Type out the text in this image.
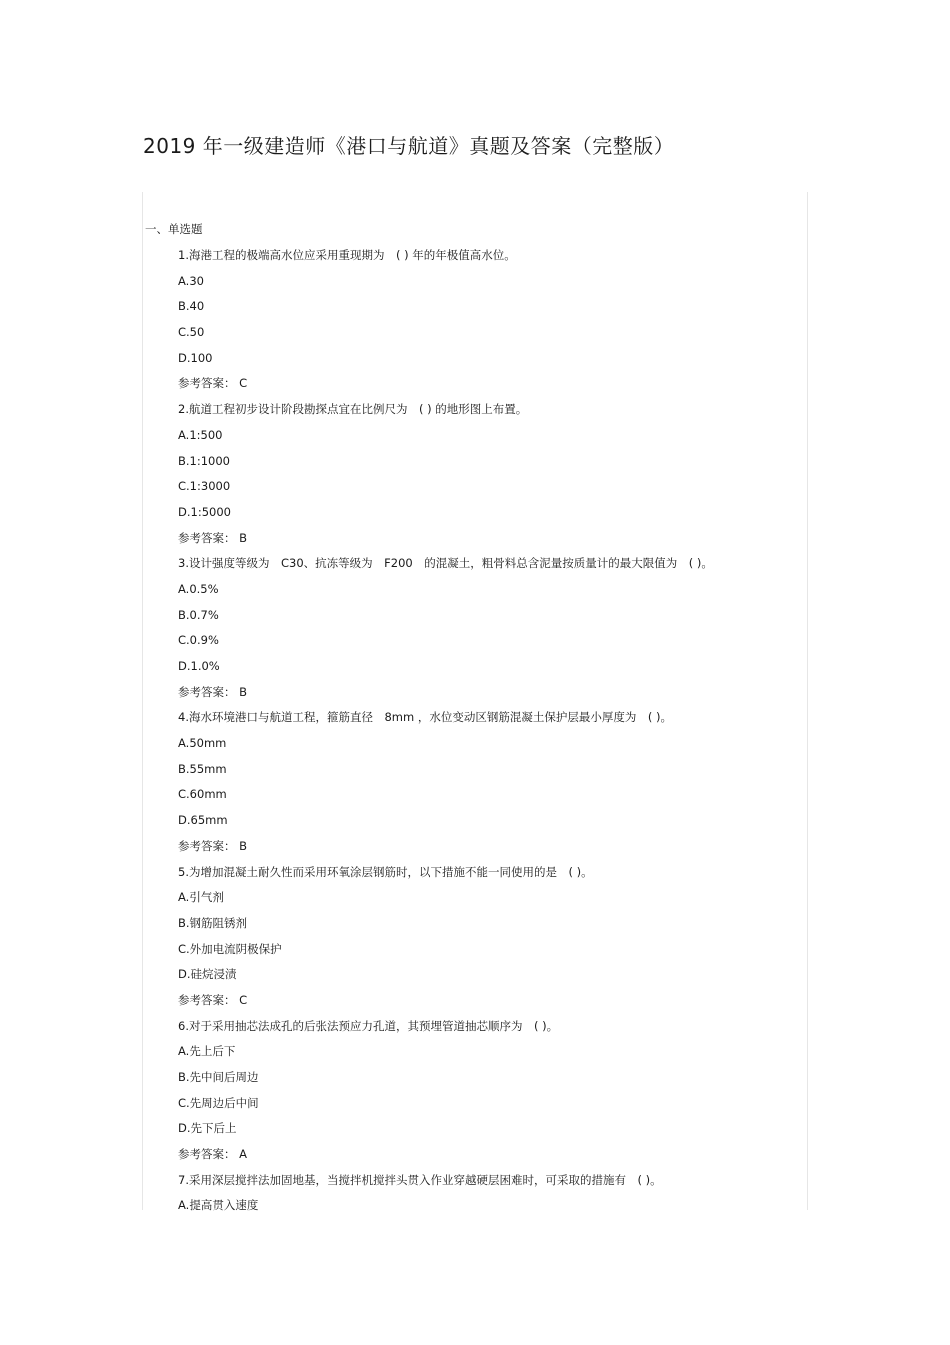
2019 年一级建造师《港口与航道》真题及答案（完整版）
一、单选题
1.海港工程的极端高水位应采用重现期为　( ) 年的年极值高水位。
A.30
B.40
C.50
D.100
参考答案： C
2.航道工程初步设计阶段勘探点宜在比例尺为　( ) 的地形图上布置。
A.1:500
B.1:1000
C.1:3000
D.1:5000
参考答案： B
3.设计强度等级为　C30、抗冻等级为　F200　的混凝土，粗骨料总含泥量按质量计的最大限值为　( )。
A.0.5%
B.0.7%
C.0.9%
D.1.0%
参考答案： B
4.海水环境港口与航道工程，箍筋直径　8mm ，水位变动区钢筋混凝土保护层最小厚度为　( )。
A.50mm
B.55mm
C.60mm
D.65mm
参考答案： B
5.为增加混凝土耐久性而采用环氧涂层钢筋时，以下措施不能一同使用的是　( )。
A.引气剂
B.钢筋阻锈剂
C.外加电流阴极保护
D.硅烷浸渍
参考答案： C
6.对于采用抽芯法成孔的后张法预应力孔道，其预埋管道抽芯顺序为　( )。
A.先上后下
B.先中间后周边
C.先周边后中间
D.先下后上
参考答案： A
7.采用深层搅拌法加固地基，当搅拌机搅拌头贯入作业穿越硬层困难时，可采取的措施有　( )。
A.提高贯入速度
